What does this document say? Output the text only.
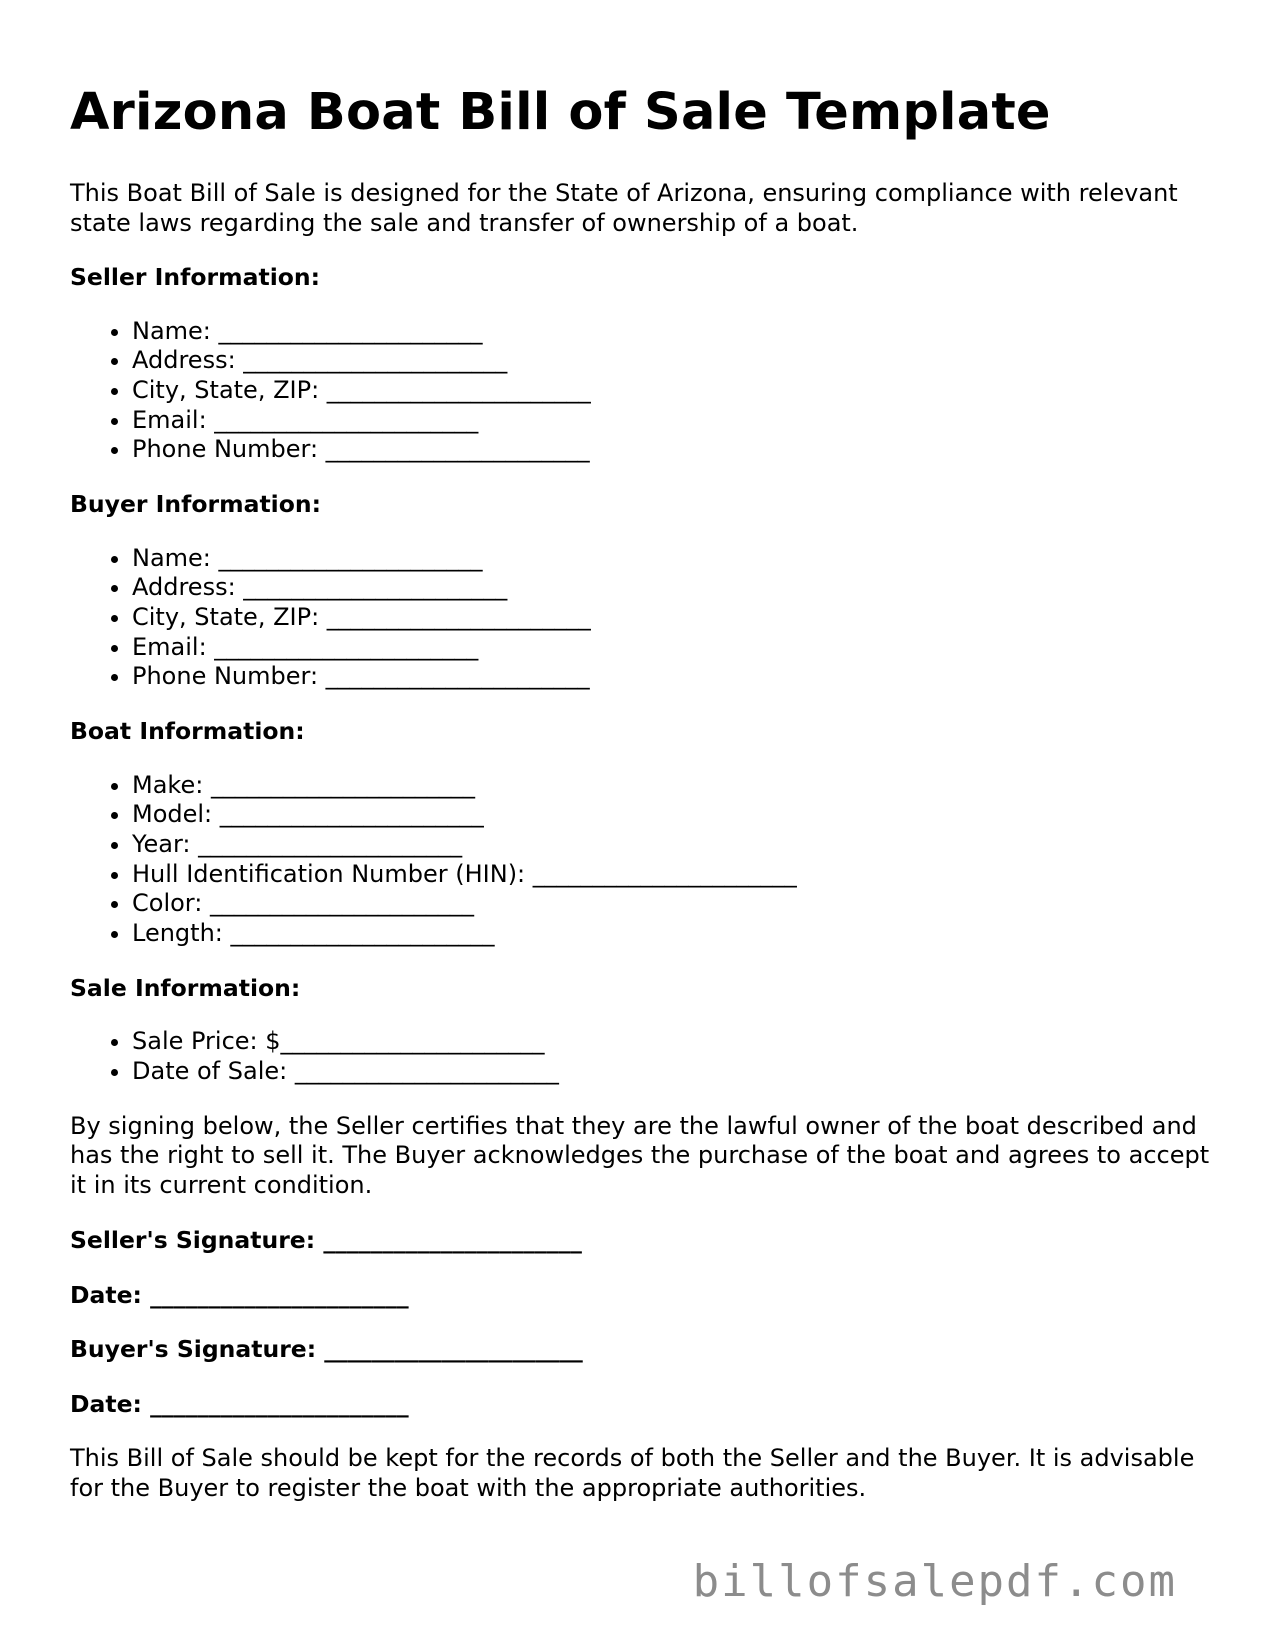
Arizona Boat Bill of Sale Template

This Boat Bill of Sale is designed for the State of Arizona, ensuring compliance with relevant state laws regarding the sale and transfer of ownership of a boat.

Seller Information:

• Name: ______________________
• Address: ______________________
• City, State, ZIP: ______________________
• Email: ______________________
• Phone Number: ______________________

Buyer Information:

• Name: ______________________
• Address: ______________________
• City, State, ZIP: ______________________
• Email: ______________________
• Phone Number: ______________________

Boat Information:

• Make: ______________________
• Model: ______________________
• Year: ______________________
• Hull Identification Number (HIN): ______________________
• Color: ______________________
• Length: ______________________

Sale Information:

• Sale Price: $______________________
• Date of Sale: ______________________

By signing below, the Seller certifies that they are the lawful owner of the boat described and has the right to sell it. The Buyer acknowledges the purchase of the boat and agrees to accept it in its current condition.

Seller's Signature: ______________________

Date: ______________________

Buyer's Signature: ______________________

Date: ______________________

This Bill of Sale should be kept for the records of both the Seller and the Buyer. It is advisable for the Buyer to register the boat with the appropriate authorities.

billofsalepdf.com
